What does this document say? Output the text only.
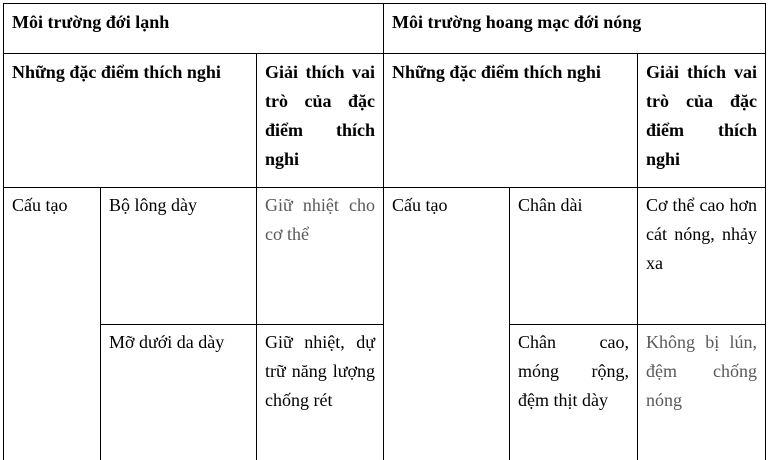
Môi trường đới lạnh			Môi trường hoang mạc đới nóng		
Những đặc điểm thích nghi		Giải thích vai trò của đặc điểm thích nghi	Những đặc điểm thích nghi		Giải thích vai trò của đặc điểm thích nghi
Cấu tạo	Bộ lông dày	Giữ nhiệt cho cơ thể	Cấu tạo	Chân dài	Cơ thể cao hơn cát nóng, nhảy xa
	Mỡ dưới da dày	Giữ nhiệt, dự trữ năng lượng chống rét		Chân cao, móng rộng, đệm thịt dày	Không bị lún, đệm chống nóng
